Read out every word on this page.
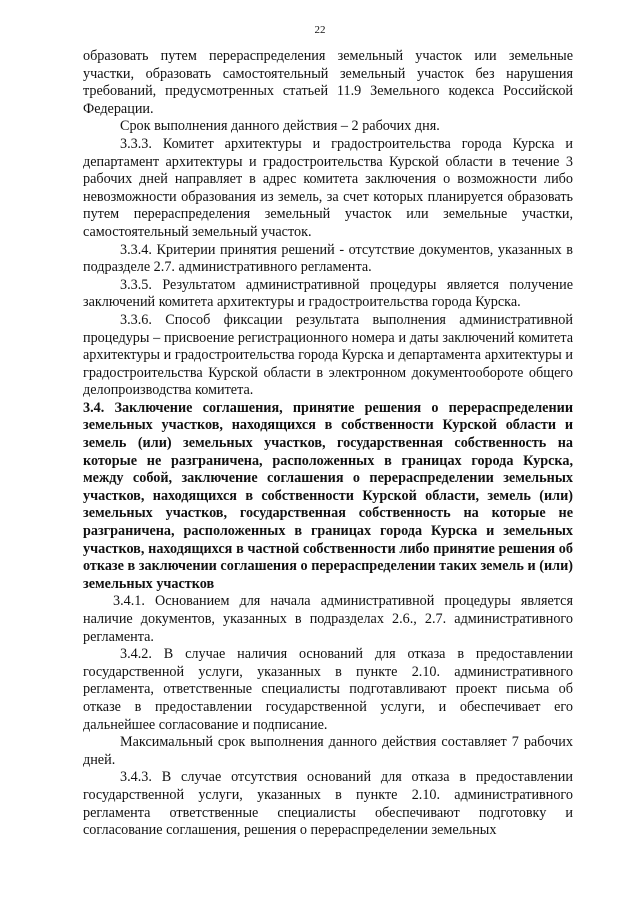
22

образовать путем перераспределения земельный участок или земельные участки, образовать самостоятельный земельный участок без нарушения требований, предусмотренных статьей 11.9 Земельного кодекса Российской Федерации.

Срок выполнения данного действия – 2 рабочих дня.

3.3.3. Комитет архитектуры и градостроительства города Курска и департамент архитектуры и градостроительства Курской области в течение 3 рабочих дней направляет в адрес комитета заключения о возможности либо невозможности образования из земель, за счет которых планируется образовать путем перераспределения земельный участок или земельные участки, самостоятельный земельный участок.

3.3.4. Критерии принятия решений - отсутствие документов, указанных в подразделе 2.7. административного регламента.

3.3.5. Результатом административной процедуры является получение заключений комитета архитектуры и градостроительства города Курска.

3.3.6. Способ фиксации результата выполнения административной процедуры – присвоение регистрационного номера и даты заключений комитета архитектуры и градостроительства города Курска и департамента архитектуры и градостроительства Курской области в электронном документообороте общего делопроизводства комитета.

3.4. Заключение соглашения, принятие решения о перераспределении земельных участков, находящихся в собственности Курской области и земель (или) земельных участков, государственная собственность на которые не разграничена, расположенных в границах города Курска, между собой, заключение соглашения о перераспределении земельных участков, находящихся в собственности Курской области, земель (или) земельных участков, государственная собственность на которые не разграничена, расположенных в границах города Курска и земельных участков, находящихся в частной собственности либо принятие решения об отказе в заключении соглашения о перераспределении таких земель и (или) земельных участков

3.4.1. Основанием для начала административной процедуры является наличие документов, указанных в подразделах 2.6., 2.7. административного регламента.

3.4.2. В случае наличия оснований для отказа в предоставлении государственной услуги, указанных в пункте 2.10. административного регламента, ответственные специалисты подготавливают проект письма об отказе в предоставлении государственной услуги, и обеспечивает его дальнейшее согласование и подписание.

Максимальный срок выполнения данного действия составляет 7 рабочих дней.

3.4.3. В случае отсутствия оснований для отказа в предоставлении государственной услуги, указанных в пункте 2.10. административного регламента ответственные специалисты обеспечивают подготовку и согласование соглашения, решения о перераспределении земельных
